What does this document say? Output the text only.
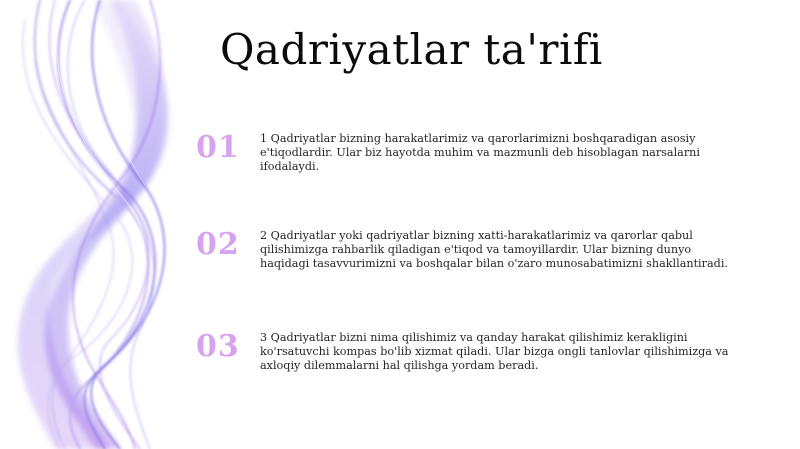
Qadriyatlar ta'rifi
01	1 Qadriyatlar bizning harakatlarimiz va qarorlarimizni boshqaradigan asosiy e'tiqodlardir. Ular biz hayotda muhim va mazmunli deb hisoblagan narsalarni ifodalaydi.

02	2 Qadriyatlar yoki qadriyatlar bizning xatti-harakatlarimiz va qarorlar qabul qilishimizga rahbarlik qiladigan e'tiqod va tamoyillardir. Ular bizning dunyo haqidagi tasavvurimizni va boshqalar bilan o'zaro munosabatimizni shakllantiradi.

03	3 Qadriyatlar bizni nima qilishimiz va qanday harakat qilishimiz kerakligini ko'rsatuvchi kompas bo'lib xizmat qiladi. Ular bizga ongli tanlovlar qilishimizga va axloqiy dilemmalarni hal qilishga yordam beradi.
